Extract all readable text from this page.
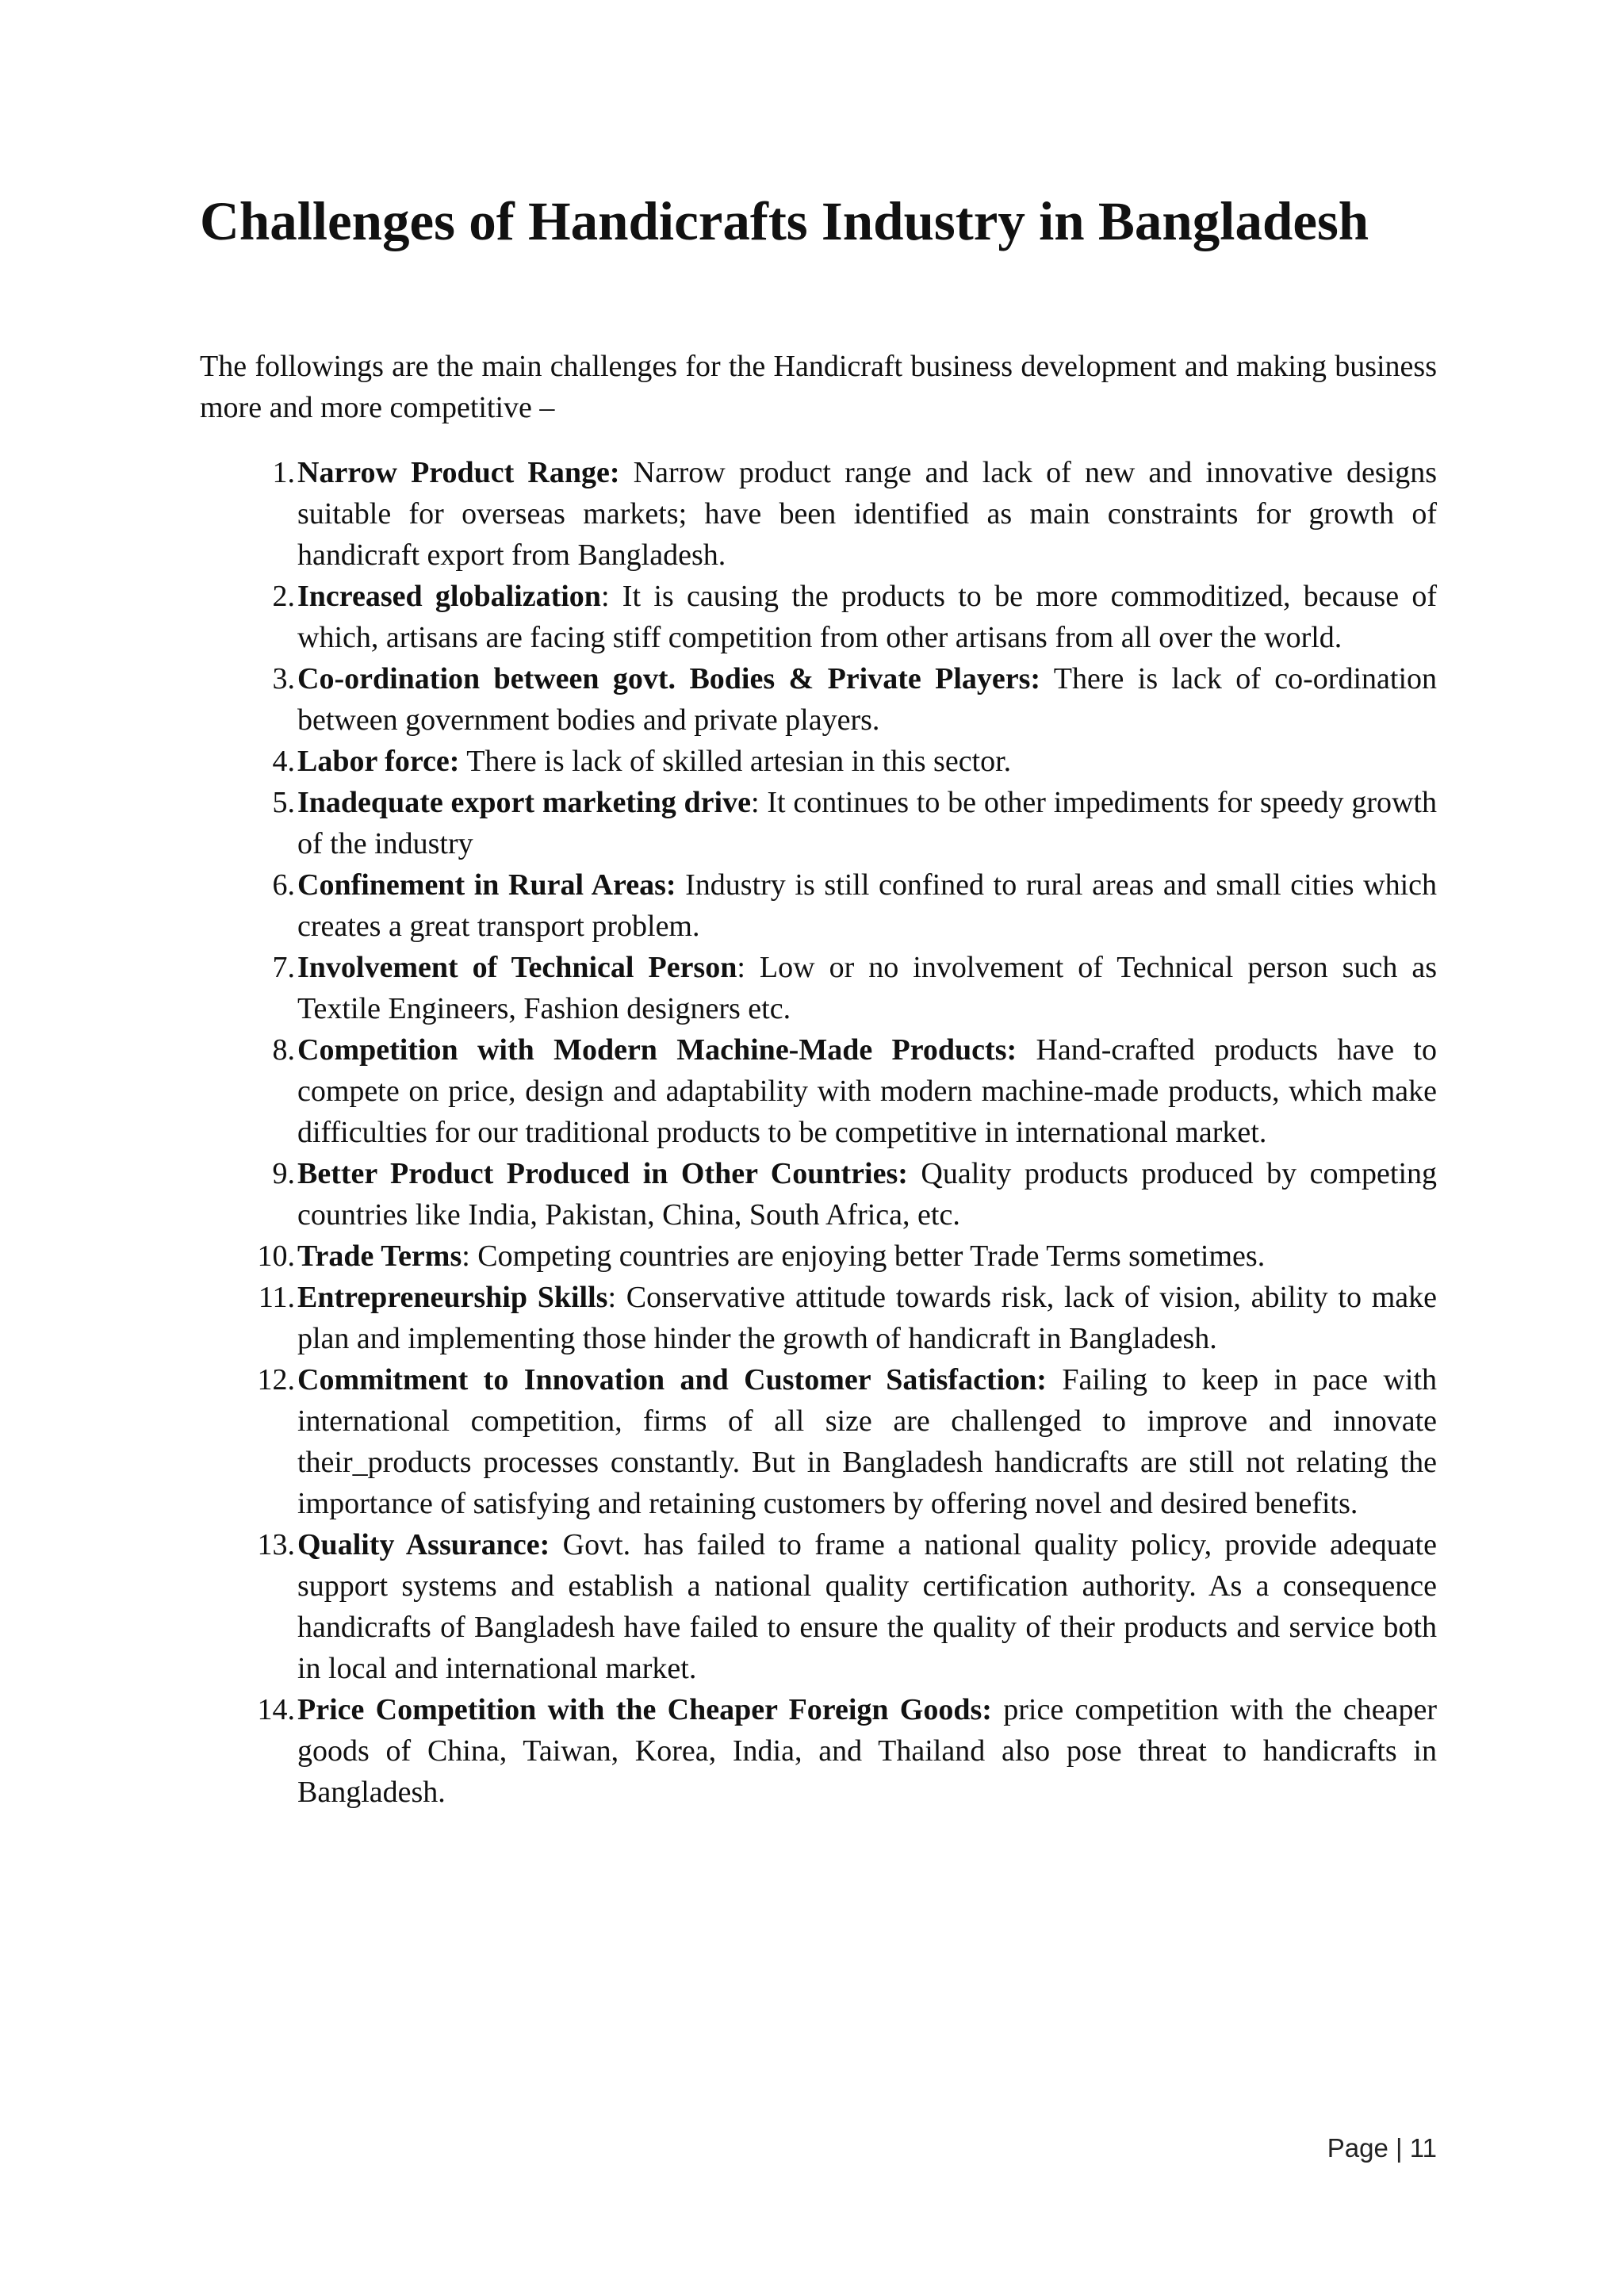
Challenges of Handicrafts Industry in Bangladesh

The followings are the main challenges for the Handicraft business development and making business more and more competitive –

1. Narrow Product Range: Narrow product range and lack of new and innovative designs suitable for overseas markets; have been identified as main constraints for growth of handicraft export from Bangladesh.
2. Increased globalization: It is causing the products to be more commoditized, because of which, artisans are facing stiff competition from other artisans from all over the world.
3. Co-ordination between govt. Bodies & Private Players: There is lack of co-ordination between government bodies and private players.
4. Labor force: There is lack of skilled artesian in this sector.
5. Inadequate export marketing drive: It continues to be other impediments for speedy growth of the industry
6. Confinement in Rural Areas: Industry is still confined to rural areas and small cities which creates a great transport problem.
7. Involvement of Technical Person: Low or no involvement of Technical person such as Textile Engineers, Fashion designers etc.
8. Competition with Modern Machine-Made Products: Hand-crafted products have to compete on price, design and adaptability with modern machine-made products, which make difficulties for our traditional products to be competitive in international market.
9. Better Product Produced in Other Countries: Quality products produced by competing countries like India, Pakistan, China, South Africa, etc.
10. Trade Terms: Competing countries are enjoying better Trade Terms sometimes.
11. Entrepreneurship Skills: Conservative attitude towards risk, lack of vision, ability to make plan and implementing those hinder the growth of handicraft in Bangladesh.
12. Commitment to Innovation and Customer Satisfaction: Failing to keep in pace with international competition, firms of all size are challenged to improve and innovate their_products processes constantly. But in Bangladesh handicrafts are still not relating the importance of satisfying and retaining customers by offering novel and desired benefits.
13. Quality Assurance: Govt. has failed to frame a national quality policy, provide adequate support systems and establish a national quality certification authority. As a consequence handicrafts of Bangladesh have failed to ensure the quality of their products and service both in local and international market.
14. Price Competition with the Cheaper Foreign Goods: price competition with the cheaper goods of China, Taiwan, Korea, India, and Thailand also pose threat to handicrafts in Bangladesh.
Page | 11
